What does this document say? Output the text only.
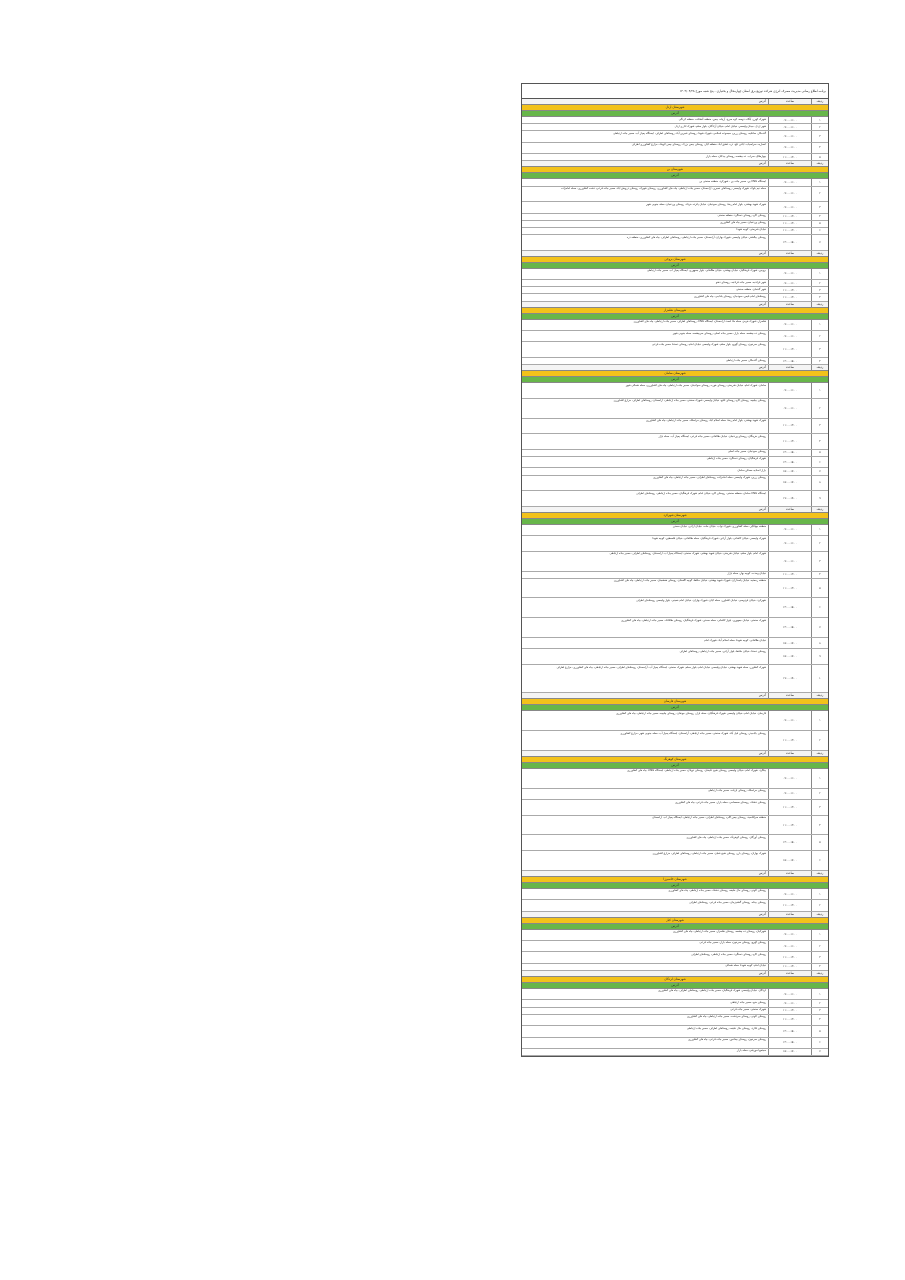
برنامه اطلاع رسانی مدیریت مصرف انرژی شرکت توزیع برق استان چهارمحال و بختیاری - پنج شنبه مورخ ۱۴۰۳/۰۴/۲۸
ردیف
ساعت
آدرس
شهرستان اردل
آدرس
۱
۰۹:۰۰-۱۱:۰۰
شهرک کهرز، آبگاه، دوسه، کوه سرخ، آرپناه، چمن، منطقه آتشکده، منطقه کردگی
۲
۰۹:۰۰-۱۱:۰۰
شهر اردل، میدان ولیعصر، خیابان امام، خیابان آزادگان، بلوار معلم، شهرک اداری اردل
۳
۰۹:۰۰-۱۱:۰۰
گندمکار، صادقیه، روستای زرین، مجموعه اسلامی، شهرک شهدا، روستای شیرین آباد، روستاهای اطراف، ایستگاه پمپاژ آب، مسیر جاده ارتباطی
۴
۰۹:۰۰-۱۱:۰۰
انصاریه، سرآسیاب، آبادی تلخ، دره عشق آباد، منطقه کیار، روستای چمن بزرگ، روستای چمن کوچک، مزارع کشاورزی اطراف
۵
۱۱:۰۰-۱۳:۰۰
چهارطاق، سراب، ده چشمه، روستای بیدکان، محله بازار
ردیف
ساعت
آدرس
شهرستان بن
آدرس
۱
۰۹:۰۰-۱۱:۰۰
ایستگاه CNG بن، مسیر جاده بن - شهرکرد، منطقه صنعتی بن
۲
۰۹:۰۰-۱۱:۰۰
محله نیم بلوک، شهرک ولیعصر، روستاهای نصیری، آرامستان، مسیر جاده ارتباطی، چاه های کشاورزی، روستای شهرک، روستای درویش آباد، مسیر جاده فرعی، دشت کشاورزی، محله امامزاده
۳
۰۹:۰۰-۱۱:۰۰
شهرک شهید بهشتی، بلوار امام رضا، روستای سودجان، خیابان پانزده خرداد، روستای وردنجان، محله جنوبی شهر
۴
۱۱:۰۰-۱۳:۰۰
روستای کاج، روستای دستگرد، منطقه صنعتی
۵
۱۱:۰۰-۱۳:۰۰
روستای وردنجان، مسیر چاه های کشاورزی
۶
۱۱:۰۰-۱۳:۰۰
خیابان شریعتی، کوچه شهدا
۷
۱۳:۰۰-۱۵:۰۰
روستای چالشتر، خیابان ولیعصر، شهرک بهاران، آرامستان، مسیر جاده ارتباطی، روستاهای اطراف، چاه های کشاورزی، منطقه دره
ردیف
ساعت
آدرس
شهرستان بروجن
آدرس
۱
۰۹:۰۰-۱۱:۰۰
بروجن، شهرک فرهنگیان، خیابان بهشتی، خیابان طالقانی، بلوار جمهوری، ایستگاه پمپاژ آب، مسیر جاده ارتباطی
۲
۰۹:۰۰-۱۱:۰۰
شهر فرادنبه، مسیر جاده فرادنبه، روستای دهنو
۳
۱۱:۰۰-۱۳:۰۰
شهر گندمان، منطقه صنعتی
۴
۱۱:۰۰-۱۳:۰۰
روستاهای امام قیس، سودجان، روستای بلداجی، چاه های کشاورزی
ردیف
ساعت
آدرس
شهرستان شلمزار
آدرس
۱
۰۹:۰۰-۱۱:۰۰
شلمزار، شهرک هرمز، محله ملا احمد، آرامستان، ایستگاه CNG، روستاهای اطراف، مسیر جاده ارتباطی، چاه های کشاورزی
۲
۰۹:۰۰-۱۱:۰۰
روستای ده چشمه، محله بازار، مسیر جاده اصلی، روستای سرچشمه، محله جنوبی شهر
۳
۱۱:۰۰-۱۳:۰۰
روستای سرخون، روستای گهرو، بلوار معلم، شهرک ولیعصر، خیابان امام، روستای دستنا، مسیر جاده فرعی
۴
۱۳:۰۰-۱۵:۰۰
روستای گندمکار، مسیر جاده ارتباطی
ردیف
ساعت
آدرس
شهرستان سامان
آدرس
۱
۰۹:۰۰-۱۱:۰۰
سامان، شهرک امام، خیابان شریعتی، روستای هوره، روستای سوادجان، مسیر جاده ارتباطی، چاه های کشاورزی، محله شمالی شهر
۲
۰۹:۰۰-۱۱:۰۰
روستای چلیچه، روستای کاج، روستای نافچ، خیابان ولیعصر، شهرک صنعتی، مسیر جاده ارتباطی، آرامستان، روستاهای اطراف، مزارع کشاورزی
۳
۱۱:۰۰-۱۳:۰۰
شهرک شهید بهشتی، بلوار امام رضا، محله اسلام آباد، روستای مرغملک، مسیر جاده ارتباطی، چاه های کشاورزی
۴
۱۱:۰۰-۱۳:۰۰
روستای هرچگان، روستای وردنجان، خیابان طالقانی، مسیر جاده فرعی، ایستگاه پمپاژ آب، محله بازار
۵
۱۳:۰۰-۱۵:۰۰
روستای سودجان، مسیر جاده اصلی
۶
۱۳:۰۰-۱۵:۰۰
شهرک فرهنگیان، روستای دستگرد، مسیر جاده ارتباطی
۷
۱۵:۰۰-۱۷:۰۰
بازار اتحادیه مسکن سامان
۸
۱۵:۰۰-۱۷:۰۰
روستای زرین، شهرک ولیعصر، محله امامزاده، روستاهای اطراف، مسیر جاده ارتباطی، چاه های کشاورزی
۹
۱۷:۰۰-۱۹:۰۰
ایستگاه CNG سامان، منطقه صنعتی، روستای کاج، خیابان امام، شهرک فرهنگیان، مسیر جاده ارتباطی، روستاهای اطراف
ردیف
ساعت
آدرس
شهرستان شهرکرد
آدرس
۱
۰۹:۰۰-۱۱:۰۰
منطقه جهانگیر، محله کشاورزی، شهرک نواب، خیابان ملت، خیابان آزادی، خیابان سعدی
۲
۰۹:۰۰-۱۱:۰۰
شهرک ولیعصر، خیابان کاشانی، بلوار آزادی، شهرک فرهنگیان، محله طالقانی، خیابان فلسطین، کوچه شهدا
۳
۰۹:۰۰-۱۱:۰۰
شهرک امام، بلوار معلم، خیابان شریعتی، خیابان شهید بهشتی، شهرک صنعتی، ایستگاه پمپاژ آب، آرامستان، روستاهای اطراف، مسیر جاده ارتباطی
۴
۱۱:۰۰-۱۳:۰۰
خیابان وحدت، کوچه بهار، محله بازار
۵
۱۱:۰۰-۱۳:۰۰
منطقه رحمتیه، خیابان پاسداران، شهرک شهید بهشتی، خیابان حافظ، کوچه گلستان، روستای هفشجان، مسیر جاده ارتباطی، چاه های کشاورزی
۶
۱۳:۰۰-۱۵:۰۰
شهرکرد، خیابان فردوسی، خیابان کشاورز، محله کیان، شهرک بهاران، خیابان امام خمینی، بلوار ولیعصر، روستاهای اطراف
۷
۱۳:۰۰-۱۵:۰۰
شهرک صنعتی، خیابان جمهوری، بلوار کاشانی، محله سعدی، شهرک فرهنگیان، روستای طاقانک، مسیر جاده ارتباطی، چاه های کشاورزی
۸
۱۵:۰۰-۱۷:۰۰
خیابان طالقانی، کوچه شهدا، محله اسلام آباد، شهرک امام
۹
۱۵:۰۰-۱۷:۰۰
روستای دستنا، خیابان حافظ، بلوار آزادی، مسیر جاده ارتباطی، روستاهای اطراف
۱۰
۱۷:۰۰-۱۹:۰۰
شهرک کشاورز، محله شهید بهشتی، خیابان ولیعصر، خیابان امام، بلوار معلم، شهرک صنعتی، ایستگاه پمپاژ آب، آرامستان، روستاهای اطراف، مسیر جاده ارتباطی، چاه های کشاورزی، مزارع اطراف
ردیف
ساعت
آدرس
شهرستان فارسان
آدرس
۱
۰۹:۰۰-۱۱:۰۰
فارسان، خیابان امام، خیابان ولیعصر، شهرک فرهنگیان، محله بازار، روستای جونقان، روستای چلیچه، مسیر جاده ارتباطی، چاه های کشاورزی
۲
۱۱:۰۰-۱۳:۰۰
روستای باباحیدر، روستای فیل آباد، شهرک صنعتی، مسیر جاده ارتباطی، آرامستان، ایستگاه پمپاژ آب، محله جنوبی شهر، مزارع کشاورزی
ردیف
ساعت
آدرس
شهرستان کوهرنگ
آدرس
۱
۰۹:۰۰-۱۱:۰۰
چلگرد، شهرک امام، خیابان ولیعصر، روستای شیخ علیخان، روستای دوپلان، مسیر جاده ارتباطی، ایستگاه CNG، چاه های کشاورزی
۲
۰۹:۰۰-۱۱:۰۰
روستای مرغملک، روستای بازفت، مسیر جاده ارتباطی
۳
۱۱:۰۰-۱۳:۰۰
روستای دشتک، روستای صمصامی، محله بازار، مسیر جاده فرعی، چاه های کشاورزی
۴
۱۱:۰۰-۱۳:۰۰
منطقه سرآقاسید، روستای چمن گلی، روستاهای اطراف، مسیر جاده ارتباطی، ایستگاه پمپاژ آب، آرامستان
۵
۱۳:۰۰-۱۵:۰۰
روستای آورگان، روستای کوهرنگ، مسیر جاده ارتباطی، چاه های کشاورزی
۶
۱۵:۰۰-۱۷:۰۰
شهرک بهاران، روستای بارز، روستای شیخ شبان، مسیر جاده ارتباطی، روستاهای اطراف، مزارع کشاورزی
ردیف
ساعت
آدرس
شهرستان خانمیرزا
آدرس
۱
۰۹:۰۰-۱۱:۰۰
روستای آلونی، روستای مال خلیفه، روستای دشتک، مسیر جاده ارتباطی، چاه های کشاورزی
۲
۱۱:۰۰-۱۳:۰۰
روستای بیدله، روستای گشنیزجان، مسیر جاده فرعی، روستاهای اطراف
ردیف
ساعت
آدرس
شهرستان کیار
آدرس
۱
۰۹:۰۰-۱۱:۰۰
شهرکیان، روستای ده چشمه، روستای شلمزار، مسیر جاده ارتباطی، چاه های کشاورزی
۲
۰۹:۰۰-۱۱:۰۰
روستای گهرو، روستای سرخون، محله بازار، مسیر جاده فرعی
۳
۱۱:۰۰-۱۳:۰۰
روستای کاج، روستای دستگرد، مسیر جاده ارتباطی، روستاهای اطراف
۴
۱۱:۰۰-۱۳:۰۰
خیابان امام، کوچه شهدا، محله شمالی
ردیف
ساعت
آدرس
شهرستان لردگان
آدرس
۱
۰۹:۰۰-۱۱:۰۰
لردگان، خیابان ولیعصر، شهرک فرهنگیان، مسیر جاده ارتباطی، روستاهای اطراف، چاه های کشاورزی
۲
۰۹:۰۰-۱۱:۰۰
روستای منج، مسیر جاده ارتباطی
۳
۱۱:۰۰-۱۳:۰۰
شهرک صنعتی، مسیر جاده فرعی
۴
۱۱:۰۰-۱۳:۰۰
روستای آلونی، روستای سردشت، مسیر جاده ارتباطی، چاه های کشاورزی
۵
۱۳:۰۰-۱۵:۰۰
روستای فلارد، روستای مال خلیفه، روستاهای اطراف، مسیر جاده ارتباطی
۶
۱۳:۰۰-۱۵:۰۰
روستای سرخون، روستای چغاخور، مسیر جاده فرعی، چاه های کشاورزی
۷
۱۵:۰۰-۱۷:۰۰
مجتمع آموزشی، محله بازار
